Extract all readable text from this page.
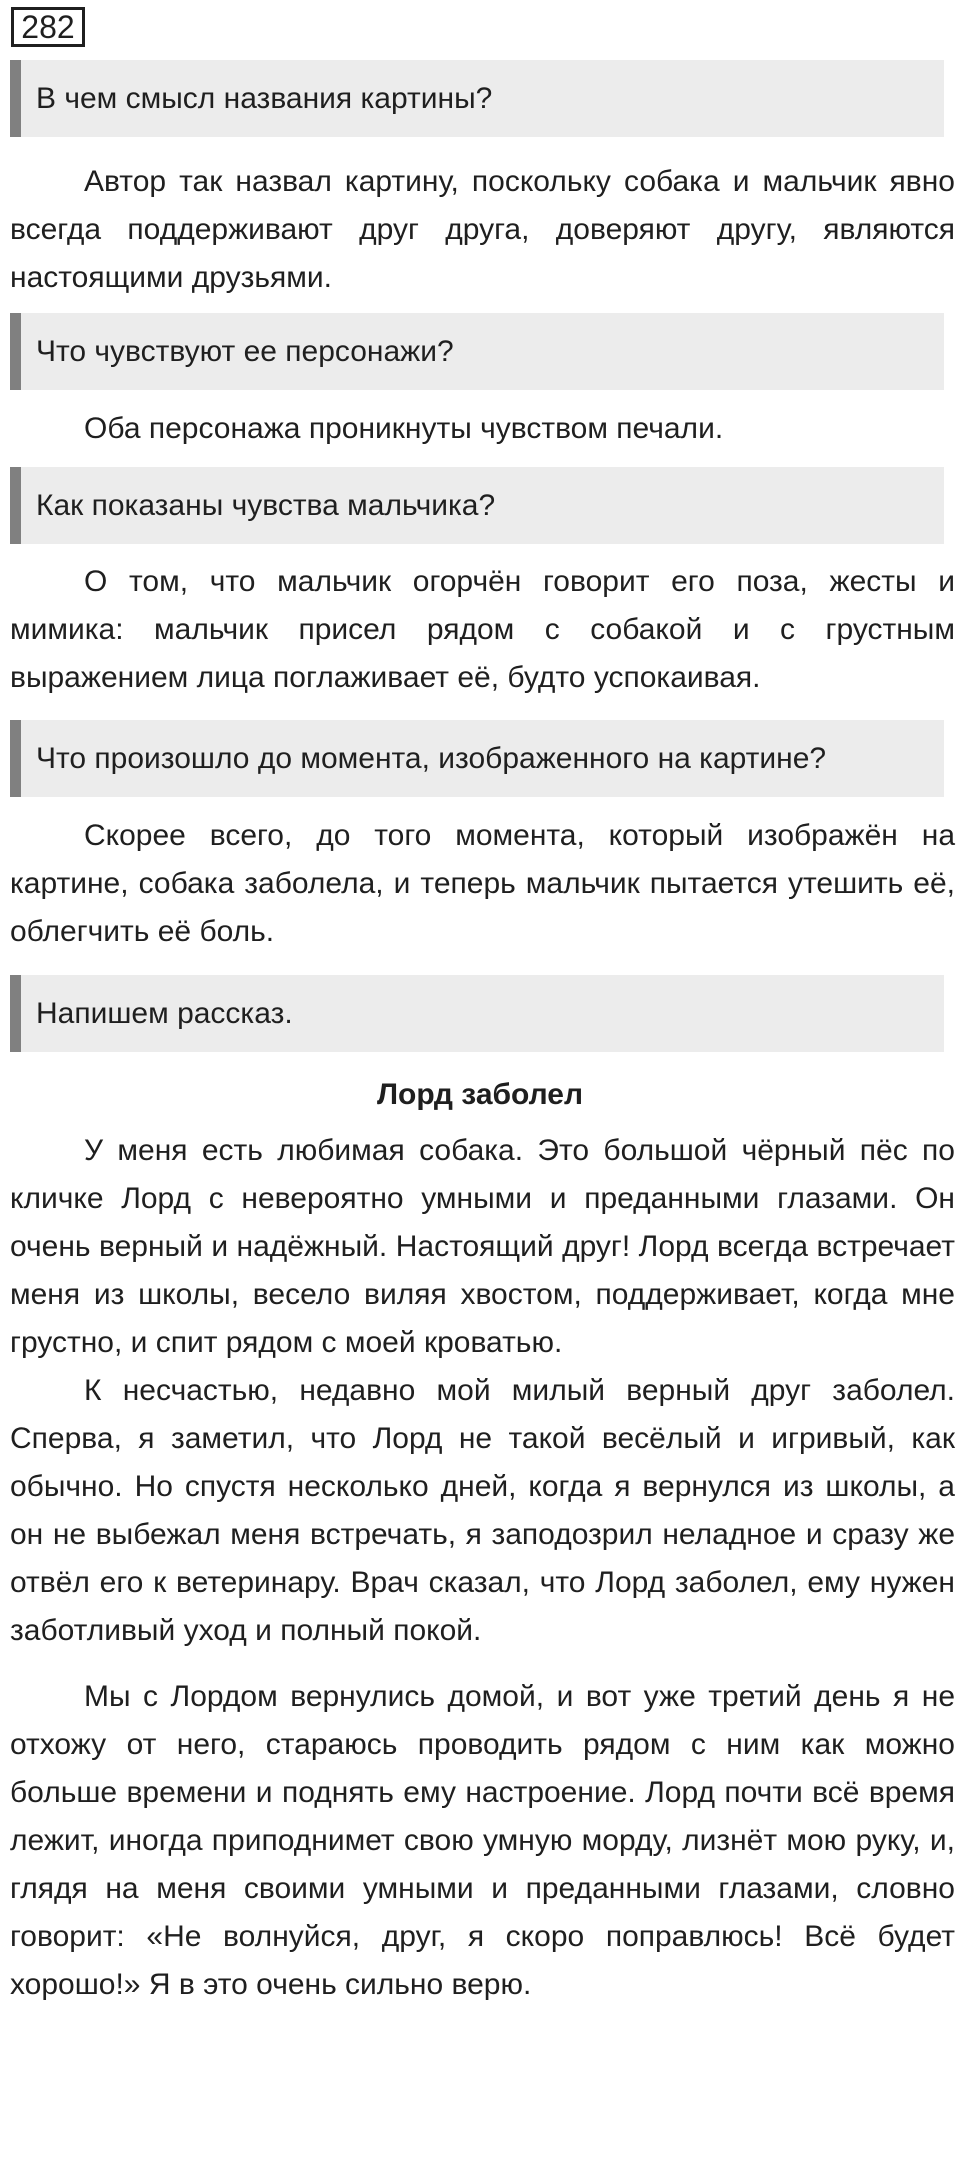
282
В чем смысл названия картины?

Автор так назвал картину, поскольку собака и мальчик явно всегда поддерживают друг друга, доверяют другу, являются настоящими друзьями.

Что чувствуют ее персонажи?

Оба персонажа проникнуты чувством печали.

Как показаны чувства мальчика?

О том, что мальчик огорчён говорит его поза, жесты и мимика: мальчик присел рядом с собакой и с грустным выражением лица поглаживает её, будто успокаивая.

Что произошло до момента, изображенного на картине?

Скорее всего, до того момента, который изображён на картине, собака заболела, и теперь мальчик пытается утешить её, облегчить её боль.

Напишем рассказ.
Лорд заболел

У меня есть любимая собака. Это большой чёрный пёс по кличке Лорд с невероятно умными и преданными глазами. Он очень верный и надёжный. Настоящий друг! Лорд всегда встречает меня из школы, весело виляя хвостом, поддерживает, когда мне грустно, и спит рядом с моей кроватью.

К несчастью, недавно мой милый верный друг заболел. Сперва, я заметил, что Лорд не такой весёлый и игривый, как обычно. Но спустя несколько дней, когда я вернулся из школы, а он не выбежал меня встречать, я заподозрил неладное и сразу же отвёл его к ветеринару. Врач сказал, что Лорд заболел, ему нужен заботливый уход и полный покой.

Мы с Лордом вернулись домой, и вот уже третий день я не отхожу от него, стараюсь проводить рядом с ним как можно больше времени и поднять ему настроение. Лорд почти всё время лежит, иногда приподнимет свою умную морду, лизнёт мою руку, и, глядя на меня своими умными и преданными глазами, словно говорит: «Не волнуйся, друг, я скоро поправлюсь! Всё будет хорошо!» Я в это очень сильно верю.
